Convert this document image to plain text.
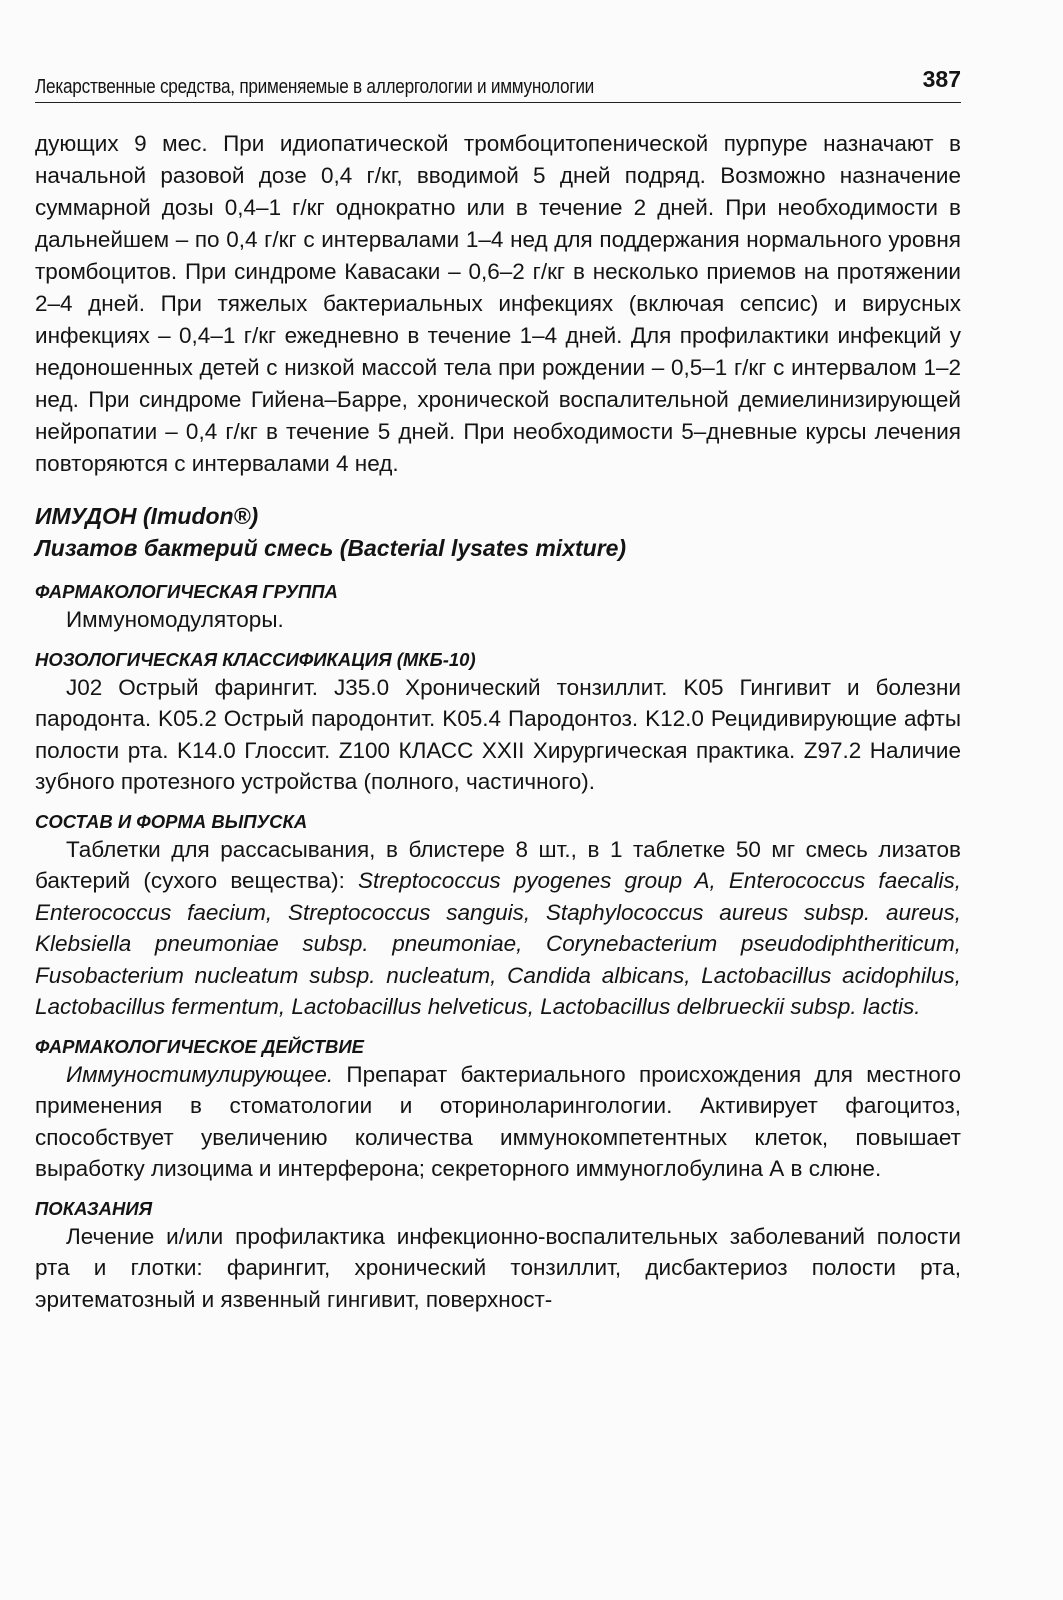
Лекарственные средства, применяемые в аллергологии и иммунологии	387

дующих 9 мес. При идиопатической тромбоцитопенической пурпуре назначают в начальной разовой дозе 0,4 г/кг, вводимой 5 дней подряд. Возможно назначение суммарной дозы 0,4–1 г/кг однократно или в течение 2 дней. При необходимости в дальнейшем – по 0,4 г/кг с интервалами 1–4 нед для поддержания нормального уровня тромбоцитов. При синдроме Кавасаки – 0,6–2 г/кг в несколько приемов на протяжении 2–4 дней. При тяжелых бактериальных инфекциях (включая сепсис) и вирусных инфекциях – 0,4–1 г/кг ежедневно в течение 1–4 дней. Для профилактики инфекций у недоношенных детей с низкой массой тела при рождении – 0,5–1 г/кг с интервалом 1–2 нед. При синдроме Гийена–Барре, хронической воспалительной демиелинизирующей нейропатии – 0,4 г/кг в течение 5 дней. При необходимости 5–дневные курсы лечения повторяются с интервалами 4 нед.

ИМУДОН (Imudon®)
Лизатов бактерий смесь (Bacterial lysates mixture)
ФАРМАКОЛОГИЧЕСКАЯ ГРУППА

Иммуномодуляторы.

НОЗОЛОГИЧЕСКАЯ КЛАССИФИКАЦИЯ (МКБ-10)

J02 Острый фарингит. J35.0 Хронический тонзиллит. K05 Гингивит и болезни пародонта. K05.2 Острый пародонтит. K05.4 Пародонтоз. K12.0 Рецидивирующие афты полости рта. K14.0 Глоссит. Z100 КЛАСС XXII Хирургическая практика. Z97.2 Наличие зубного протезного устройства (полного, частичного).

СОСТАВ И ФОРМА ВЫПУСКА

Таблетки для рассасывания, в блистере 8 шт., в 1 таблетке 50 мг смесь лизатов бактерий (сухого вещества): Streptococcus pyogenes group A, Enterococcus faecalis, Enterococcus faecium, Streptococcus sanguis, Staphylococcus aureus subsp. aureus, Klebsiella pneumoniae subsp. pneumoniae, Corynebacterium pseudodiphtheriticum, Fusobacterium nucleatum subsp. nucleatum, Candida albicans, Lactobacillus acidophilus, Lactobacillus fermentum, Lactobacillus helveticus, Lactobacillus delbrueckii subsp. lactis.

ФАРМАКОЛОГИЧЕСКОЕ ДЕЙСТВИЕ

Иммуностимулирующее. Препарат бактериального происхождения для местного применения в стоматологии и оториноларингологии. Активирует фагоцитоз, способствует увеличению количества иммунокомпетентных клеток, повышает выработку лизоцима и интерферона; секреторного иммуноглобулина А в слюне.

ПОКАЗАНИЯ

Лечение и/или профилактика инфекционно-воспалительных заболеваний полости рта и глотки: фарингит, хронический тонзиллит, дисбактериоз полости рта, эритематозный и язвенный гингивит, поверхност-
